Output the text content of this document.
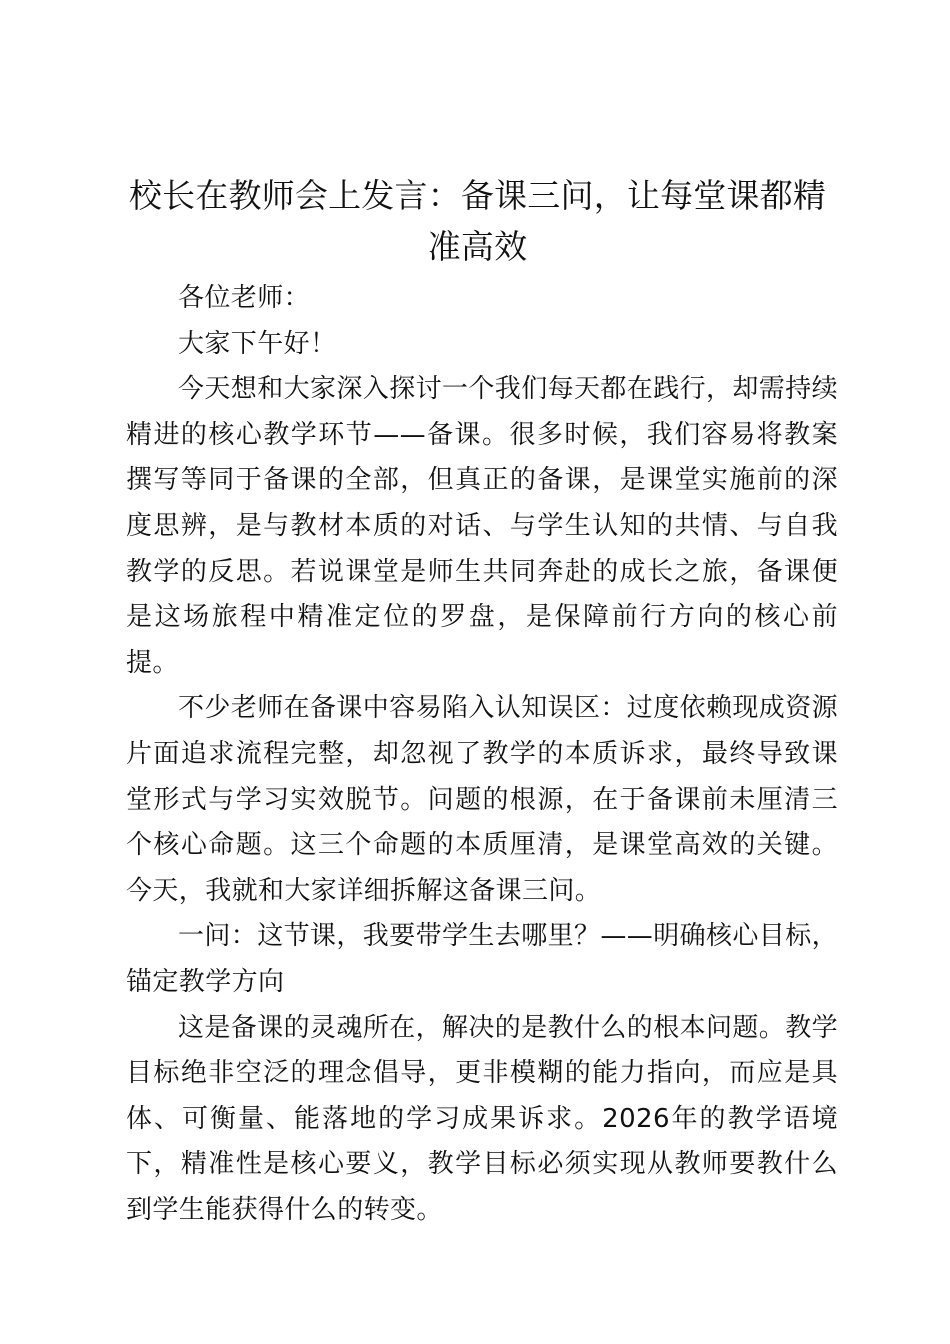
校长在教师会上发言：备课三问，让每堂课都精准高效

各位老师：

大家下午好！

今天想和大家深入探讨一个我们每天都在践行，却需持续精进的核心教学环节——备课。很多时候，我们容易将教案撰写等同于备课的全部，但真正的备课，是课堂实施前的深度思辨，是与教材本质的对话、与学生认知的共情、与自我教学的反思。若说课堂是师生共同奔赴的成长之旅，备课便是这场旅程中精准定位的罗盘，是保障前行方向的核心前提。

不少老师在备课中容易陷入认知误区：过度依赖现成资源片面追求流程完整，却忽视了教学的本质诉求，最终导致课堂形式与学习实效脱节。问题的根源，在于备课前未厘清三个核心命题。这三个命题的本质厘清，是课堂高效的关键。今天，我就和大家详细拆解这备课三问。

一问：这节课，我要带学生去哪里？——明确核心目标，锚定教学方向

这是备课的灵魂所在，解决的是教什么的根本问题。教学目标绝非空泛的理念倡导，更非模糊的能力指向，而应是具体、可衡量、能落地的学习成果诉求。2026年的教学语境下，精准性是核心要义，教学目标必须实现从教师要教什么到学生能获得什么的转变。
